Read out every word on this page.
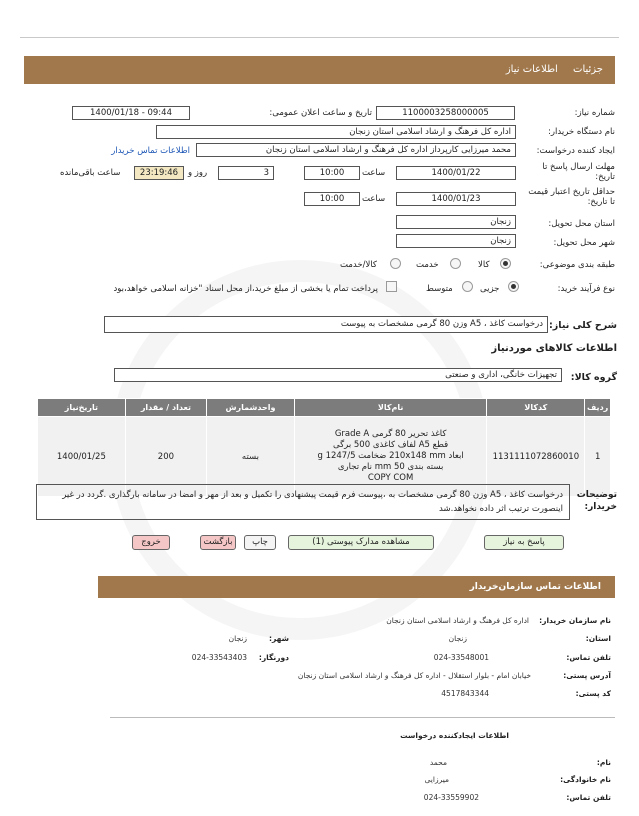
جزئیات اطلاعات نیاز
شماره نیاز:
1100003258000005
تاریخ و ساعت اعلان عمومی:
1400/01/18 - 09:44
نام دستگاه خریدار:
اداره کل فرهنگ و ارشاد اسلامی استان زنجان
ایجاد کننده درخواست:
محمد میرزایی کارپرداز اداره کل فرهنگ و ارشاد اسلامی استان زنجان
اطلاعات تماس خریدار
مهلت ارسال پاسخ تا تاریخ:
1400/01/22
ساعت
10:00
3
روز و
23:19:46
ساعت باقی‌مانده
حداقل تاریخ اعتبار قیمت تا تاریخ:
1400/01/23
ساعت
10:00
استان محل تحویل:
زنجان
شهر محل تحویل:
زنجان
طبقه بندی موضوعی:
کالا
خدمت
کالا/خدمت
نوع فرآیند خرید:
جزیی
متوسط
پرداخت تمام یا بخشی از مبلغ خرید،از محل اسناد "خزانه اسلامی خواهد،بود
شرح کلی نیاز:
درخواست کاغذ ، A5 وزن 80 گرمی مشخصات به پیوست
اطلاعات کالاهای موردنیاز
گروه کالا:
تجهیزات خانگی، اداری و صنعتی
ردیف	کدکالا	نام‌کالا	واحدشمارش	تعداد / مقدار	تاریخ‌نیاز
1	1131111072860010	کاغذ تحریر 80 گرمی Grade A
قطع A5 لفاف کاغذی 500 برگی
ابعاد 210x148 mm ضخامت 1247/5 g
بسته بندی 50 mm نام تجاری
COPY COM	بسته	200	1400/01/25
توضیحات خریدار:
درخواست کاغذ ، A5 وزن 80 گرمی مشخصات به ،پیوست فرم قیمت پیشنهادی را تکمیل و بعد از مهر و امضا در سامانه بارگذاری .گردد در غیر اینصورت ترتیب اثر داده نخواهد.شد
پاسخ به نیاز
مشاهده مدارک پیوستی (1)
چاپ
بازگشت
خروج
اطلاعات تماس سازمان‌خریدار
نام سازمان خریدار:
اداره کل فرهنگ و ارشاد اسلامی استان زنجان
استان:
زنجان
شهر:
زنجان
تلفن تماس:
024-33548001
دورنگار:
024-33543403
آدرس پستی:
خیابان امام - بلوار استقلال - اداره کل فرهنگ و ارشاد اسلامی استان زنجان
کد پستی:
4517843344
اطلاعات ایجادکننده درخواست
نام:
محمد
نام خانوادگی:
میرزایی
تلفن تماس:
024-33559902
